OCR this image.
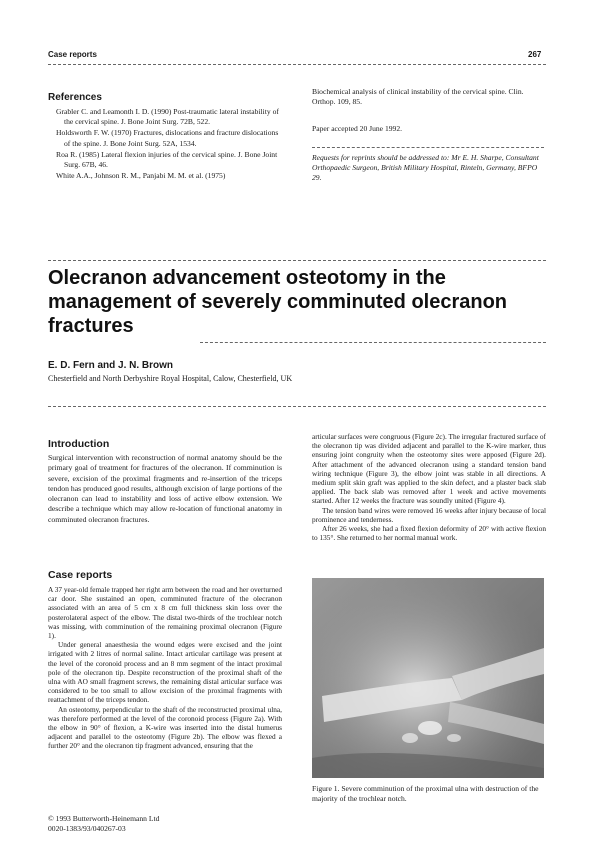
Case reports	267
References

Grabler C. and Leamonth I. D. (1990) Post-traumatic lateral instability of the cervical spine. J. Bone Joint Surg. 72B, 522.

Holdsworth F. W. (1970) Fractures, dislocations and fracture dislocations of the spine. J. Bone Joint Surg. 52A, 1534.

Roa R. (1985) Lateral flexion injuries of the cervical spine. J. Bone Joint Surg. 67B, 46.

White A.A., Johnson R. M., Panjabi M. M. et al. (1975)

Biochemical analysis of clinical instability of the cervical spine. Clin. Orthop. 109, 85.
Paper accepted 20 June 1992.
Requests for reprints should be addressed to: Mr E. H. Sharpe, Consultant Orthopaedic Surgeon, British Military Hospital, Rinteln, Germany, BFPO 29.
Olecranon advancement osteotomy in the
management of severely comminuted olecranon
fractures
E. D. Fern and J. N. Brown
Chesterfield and North Derbyshire Royal Hospital, Calow, Chesterfield, UK
Introduction
Surgical intervention with reconstruction of normal anatomy should be the primary goal of treatment for fractures of the olecranon. If comminution is severe, excision of the proximal fragments and re-insertion of the triceps tendon has produced good results, although excision of large portions of the olecranon can lead to instability and loss of active elbow extension. We describe a technique which may allow re-location of functional anatomy in comminuted olecranon fractures.
Case reports

A 37 year-old female trapped her right arm between the road and her overturned car door. She sustained an open, comminuted fracture of the olecranon associated with an area of 5 cm x 8 cm full thickness skin loss over the posterolateral aspect of the elbow. The distal two-thirds of the trochlear notch was missing, with comminution of the remaining proximal olecranon (Figure 1).

Under general anaesthesia the wound edges were excised and the joint irrigated with 2 litres of normal saline. Intact articular cartilage was present at the level of the coronoid process and an 8 mm segment of the intact proximal pole of the olecranon tip. Despite reconstruction of the proximal shaft of the ulna with AO small fragment screws, the remaining distal articular surface was considered to be too small to allow excision of the proximal fragments with reattachment of the triceps tendon.

An osteotomy, perpendicular to the shaft of the reconstructed proximal ulna, was therefore performed at the level of the coronoid process (Figure 2a). With the elbow in 90° of flexion, a K-wire was inserted into the distal humerus adjacent and parallel to the osteotomy (Figure 2b). The elbow was flexed a further 20° and the olecranon tip fragment advanced, ensuring that the

© 1993 Butterworth-Heinemann Ltd
0020-1383/93/040267-03

articular surfaces were congruous (Figure 2c). The irregular fractured surface of the olecranon tip was divided adjacent and parallel to the K-wire marker, thus ensuring joint congruity when the osteotomy sites were apposed (Figure 2d). After attachment of the advanced olecranon using a standard tension band wiring technique (Figure 3), the elbow joint was stable in all directions. A medium split skin graft was applied to the skin defect, and a plaster back slab applied. The back slab was removed after 1 week and active movements started. After 12 weeks the fracture was soundly united (Figure 4).

The tension band wires were removed 16 weeks after injury because of local prominence and tenderness.

After 26 weeks, she had a fixed flexion deformity of 20° with active flexion to 135°. She returned to her normal manual work.

Figure 1. Severe comminution of the proximal ulna with destruction of the majority of the trochlear notch.
